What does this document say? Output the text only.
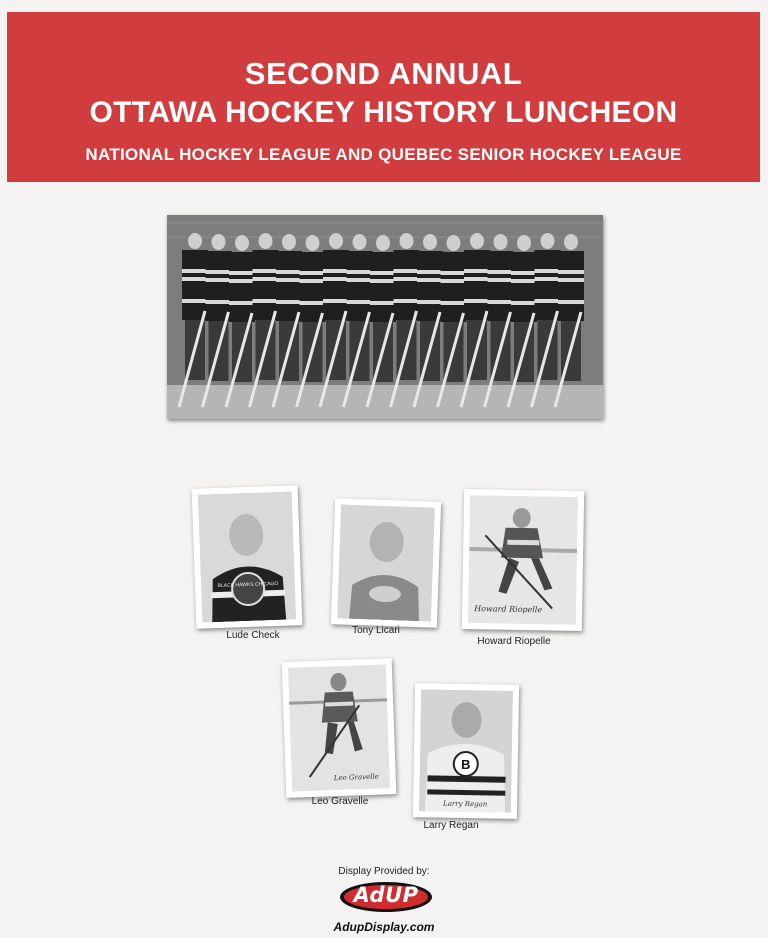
SECOND ANNUAL
OTTAWA HOCKEY HISTORY LUNCHEON
NATIONAL HOCKEY LEAGUE AND QUEBEC SENIOR HOCKEY LEAGUE
BLACK HAWKS CHICAGO
Lude Check	Tony Licari
Howard Riopelle
Howard Riopelle
Leo Gravelle
Leo Gravelle
B
Larry Regan
Larry Regan
Display Provided by:
AdUP
AdupDisplay.com
